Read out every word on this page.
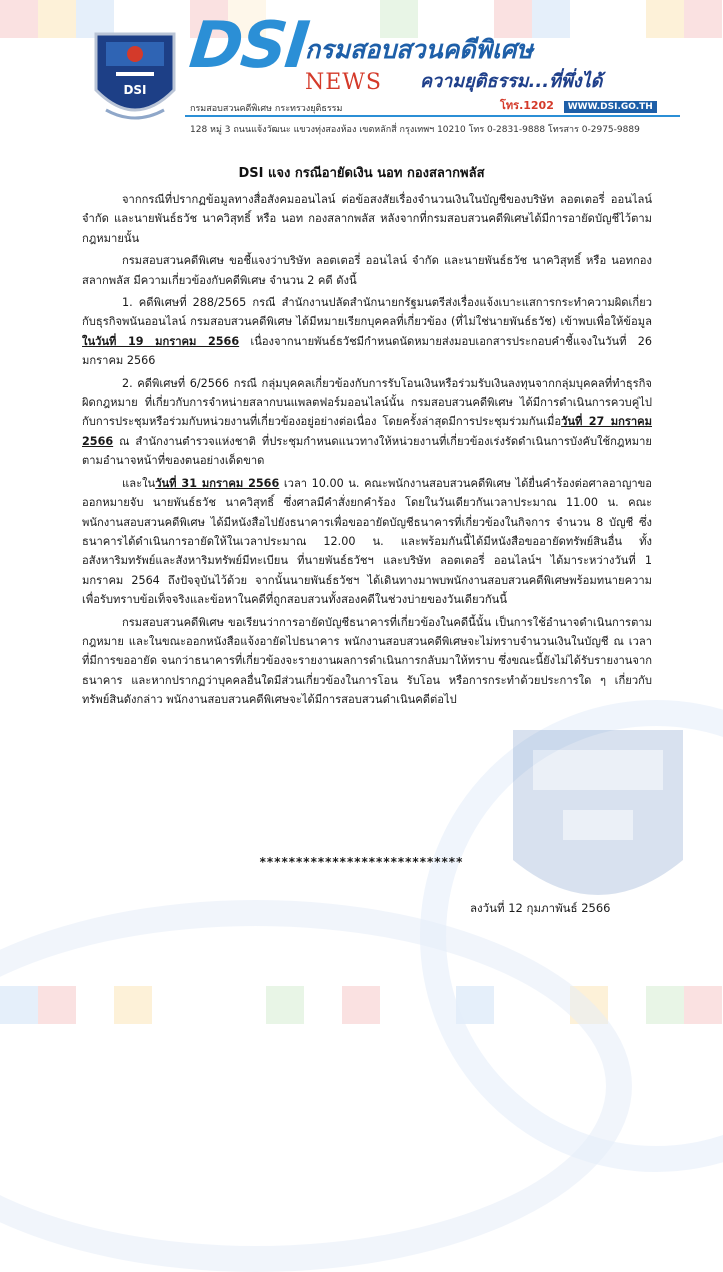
DSI
DSI
กรมสอบสวนคดีพิเศษ
NEWS ความยุติธรรม...ที่พึ่งได้
โทร.1202 WWW.DSI.GO.TH
กรมสอบสวนคดีพิเศษ กระทรวงยุติธรรม
128 หมู่ 3 ถนนแจ้งวัฒนะ แขวงทุ่งสองห้อง เขตหลักสี่ กรุงเทพฯ 10210 โทร 0-2831-9888 โทรสาร 0-2975-9889
DSI แจง กรณีอายัดเงิน นอท กองสลากพลัส

จากกรณีที่ปรากฏข้อมูลทางสื่อสังคมออนไลน์ ต่อข้อสงสัยเรื่องจำนวนเงินในบัญชีของบริษัท ลอตเตอรี่ ออนไลน์ จำกัด และนายพันธ์ธวัช นาควิสุทธิ์ หรือ นอท กองสลากพลัส หลังจากที่กรมสอบสวนคดีพิเศษได้มีการอายัดบัญชีไว้ตามกฎหมายนั้น

กรมสอบสวนคดีพิเศษ ขอชี้แจงว่าบริษัท ลอตเตอรี่ ออนไลน์ จำกัด และนายพันธ์ธวัช นาควิสุทธิ์ หรือ นอทกองสลากพลัส มีความเกี่ยวข้องกับคดีพิเศษ จำนวน 2 คดี ดังนี้

1. คดีพิเศษที่ 288/2565 กรณี สำนักงานปลัดสำนักนายกรัฐมนตรีส่งเรื่องแจ้งเบาะแสการกระทำความผิดเกี่ยวกับธุรกิจพนันออนไลน์ กรมสอบสวนคดีพิเศษ ได้มีหมายเรียกบุคคลที่เกี่ยวข้อง (ที่ไม่ใช่นายพันธ์ธวัช) เข้าพบเพื่อให้ข้อมูล ในวันที่ 19 มกราคม 2566 เนื่องจากนายพันธ์ธวัชมีกำหนดนัดหมายส่งมอบเอกสารประกอบคำชี้แจงในวันที่ 26 มกราคม 2566

2. คดีพิเศษที่ 6/2566 กรณี กลุ่มบุคคลเกี่ยวข้องกับการรับโอนเงินหรือร่วมรับเงินลงทุนจากกลุ่มบุคคลที่ทำธุรกิจผิดกฎหมาย ที่เกี่ยวกับการจำหน่ายสลากบนแพลตฟอร์มออนไลน์นั้น กรมสอบสวนคดีพิเศษ ได้มีการดำเนินการควบคู่ไปกับการประชุมหรือร่วมกับหน่วยงานที่เกี่ยวข้องอยู่อย่างต่อเนื่อง โดยครั้งล่าสุดมีการประชุมร่วมกันเมื่อวันที่ 27 มกราคม 2566 ณ สำนักงานตำรวจแห่งชาติ ที่ประชุมกำหนดแนวทางให้หน่วยงานที่เกี่ยวข้องเร่งรัดดำเนินการบังคับใช้กฎหมายตามอำนาจหน้าที่ของตนอย่างเด็ดขาด

และในวันที่ 31 มกราคม 2566 เวลา 10.00 น. คณะพนักงานสอบสวนคดีพิเศษ ได้ยื่นคำร้องต่อศาลอาญาขอออกหมายจับ นายพันธ์ธวัช นาควิสุทธิ์ ซึ่งศาลมีคำสั่งยกคำร้อง โดยในวันเดียวกันเวลาประมาณ 11.00 น. คณะพนักงานสอบสวนคดีพิเศษ ได้มีหนังสือไปยังธนาคารเพื่อขออายัดบัญชีธนาคารที่เกี่ยวข้องในกิจการ จำนวน 8 บัญชี ซึ่งธนาคารได้ดำเนินการอายัดให้ในเวลาประมาณ 12.00 น. และพร้อมกันนี้ได้มีหนังสือขออายัดทรัพย์สินอื่น ทั้งอสังหาริมทรัพย์และสังหาริมทรัพย์มีทะเบียน ที่นายพันธ์ธวัชฯ และบริษัท ลอตเตอรี่ ออนไลน์ฯ ได้มาระหว่างวันที่ 1 มกราคม 2564 ถึงปัจจุบันไว้ด้วย จากนั้นนายพันธ์ธวัชฯ ได้เดินทางมาพบพนักงานสอบสวนคดีพิเศษพร้อมทนายความ เพื่อรับทราบข้อเท็จจริงและข้อหาในคดีที่ถูกสอบสวนทั้งสองคดีในช่วงบ่ายของวันเดียวกันนี้

กรมสอบสวนคดีพิเศษ ขอเรียนว่าการอายัดบัญชีธนาคารที่เกี่ยวข้องในคดีนี้นั้น เป็นการใช้อำนาจดำเนินการตามกฎหมาย และในขณะออกหนังสือแจ้งอายัดไปธนาคาร พนักงานสอบสวนคดีพิเศษจะไม่ทราบจำนวนเงินในบัญชี ณ เวลาที่มีการขออายัด จนกว่าธนาคารที่เกี่ยวข้องจะรายงานผลการดำเนินการกลับมาให้ทราบ ซึ่งขณะนี้ยังไม่ได้รับรายงานจากธนาคาร และหากปรากฏว่าบุคคลอื่นใดมีส่วนเกี่ยวข้องในการโอน รับโอน หรือการกระทำด้วยประการใด ๆ เกี่ยวกับทรัพย์สินดังกล่าว พนักงานสอบสวนคดีพิเศษจะได้มีการสอบสวนดำเนินคดีต่อไป

****************************
ลงวันที่ 12 กุมภาพันธ์ 2566
